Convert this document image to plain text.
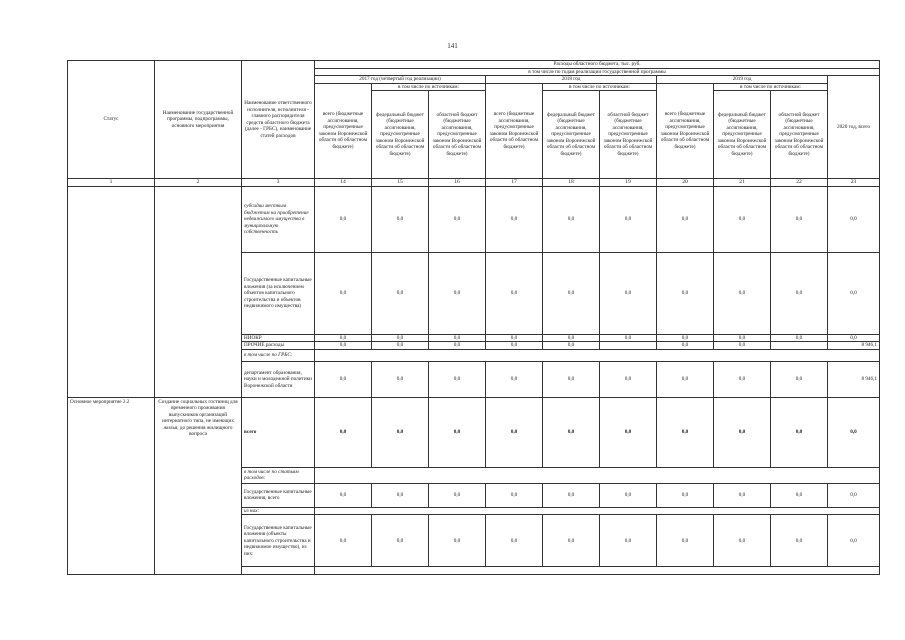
141
Статус	Наименование государственной программы, подпрограммы, основного мероприятия	Наименование ответственного исполнителя, исполнителя - главного распорядителя средств областного бюджета (далее - ГРБС), наименование статей расходов	Расходы областного бюджета, тыс. руб.									
			в том числе по годам реализации государственной программы									
			2017 год (четвертый год реализации)			2018 год			2019 год			2020 год, всего
			всего (бюджетные ассигнования, предусмотренные законом Воронежской области об областном бюджете)	в том числе по источникам:		всего (бюджетные ассигнования, предусмотренные законом Воронежской области об областном бюджете)	в том числе по источникам:		всего (бюджетные ассигнования, предусмотренные законом Воронежской области об областном бюджете)	в том числе по источникам:		
				федеральный бюджет (бюджетные ассигнования, предусмотренные законом Воронежской области об областном бюджете)	областной бюджет (бюджетные ассигнования, предусмотренные законом Воронежской области об областном бюджете)		федеральный бюджет (бюджетные ассигнования, предусмотренные законом Воронежской области об областном бюджете)	областной бюджет (бюджетные ассигнования, предусмотренные законом Воронежской области об областном бюджете)		федеральный бюджет (бюджетные ассигнования, предусмотренные законом Воронежской области об областном бюджете)	областной бюджет (бюджетные ассигнования, предусмотренные законом Воронежской области об областном бюджете)	
1	2	3	14	15	16	17	18	19	20	21	22	23
		субсидии местным бюджетам на приобретение недвижимого имущества в муниципальную собственность	0,0	0,0	0,0	0,0	0,0	0,0	0,0	0,0	0,0	0,0
		Государственные капитальные вложения (за исключением объектов капитального строительства и объектов недвижимого имущества)	0,0	0,0	0,0	0,0	0,0	0,0	0,0	0,0	0,0	0,0
		НИОКР	0,0	0,0	0,0	0,0	0,0	0,0	0,0	0,0	0,0	0,0
		ПРОЧИЕ расходы	0,0	0,0	0,0	0,0	0,0		0,0	0,0		8 946,1
		в том числе по ГРБС:										
		департамент образования, науки и молодежной политики Воронежской области	0,0	0,0	0,0	0,0	0,0	0,0	0,0	0,0	0,0	8 946,1
Основное мероприятие 2.2	Создание социальных гостиниц для временного проживания выпускников организаций интернатного типа, не имеющих жилья, до решения жилищного вопроса	всего	0,0	0,0	0,0	0,0	0,0	0,0	0,0	0,0	0,0	0,0
		в том числе по статьям расходов:										
		Государственные капитальные вложения, всего	0,0	0,0	0,0	0,0	0,0	0,0	0,0	0,0	0,0	0,0
		из них:										
		Государственные капитальные вложения (объекты капитального строительства и недвижимое имущество), из них:	0,0	0,0	0,0	0,0	0,0	0,0	0,0	0,0	0,0	0,0
